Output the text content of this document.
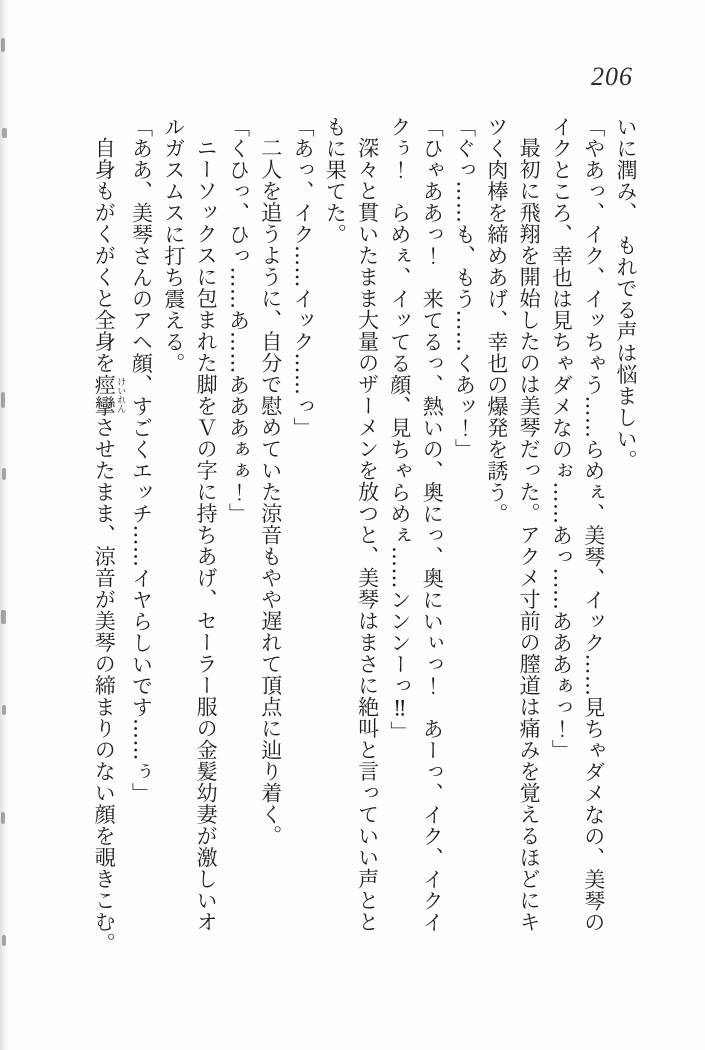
206
いに潤み、　もれでる声は悩ましい。
「やあっ、イク、イッちゃう……らめぇ、美琴、イック……見ちゃダメなの、美琴の
イクところ、幸也は見ちゃダメなのぉ……あっ……あああぁっ！」
最初に飛翔を開始したのは美琴だった。アクメ寸前の膣道は痛みを覚えるほどにキ
ツく肉棒を締めあげ、幸也の爆発を誘う。
「ぐっ……も、もう……くあッ！」
「ひゃああっ！　来てるっ、熱いの、奥にっ、奥にいぃっ！　あーっ、イク、イクイ
クぅ！　らめぇ、イッてる顔、見ちゃらめぇ……ンンンーっ‼」
深々と貫いたまま大量のザーメンを放つと、美琴はまさに絶叫と言っていい声とと
もに果てた。
「あっ、イク……イック……っ」
二人を追うように、自分で慰めていた涼音もやや遅れて頂点に辿り着く。
「くひっ、ひっ……あ……あああぁぁ！」
ニーソックスに包まれた脚をＶの字に持ちあげ、セーラー服の金髪幼妻が激しいオ
ルガスムスに打ち震える。
「ああ、美琴さんのアヘ顔、すごくエッチ……イヤらしいです……ぅ」
自身もがくがくと全身を痙攣 けいれんさせたまま、涼音が美琴の締まりのない顔を覗きこむ。
